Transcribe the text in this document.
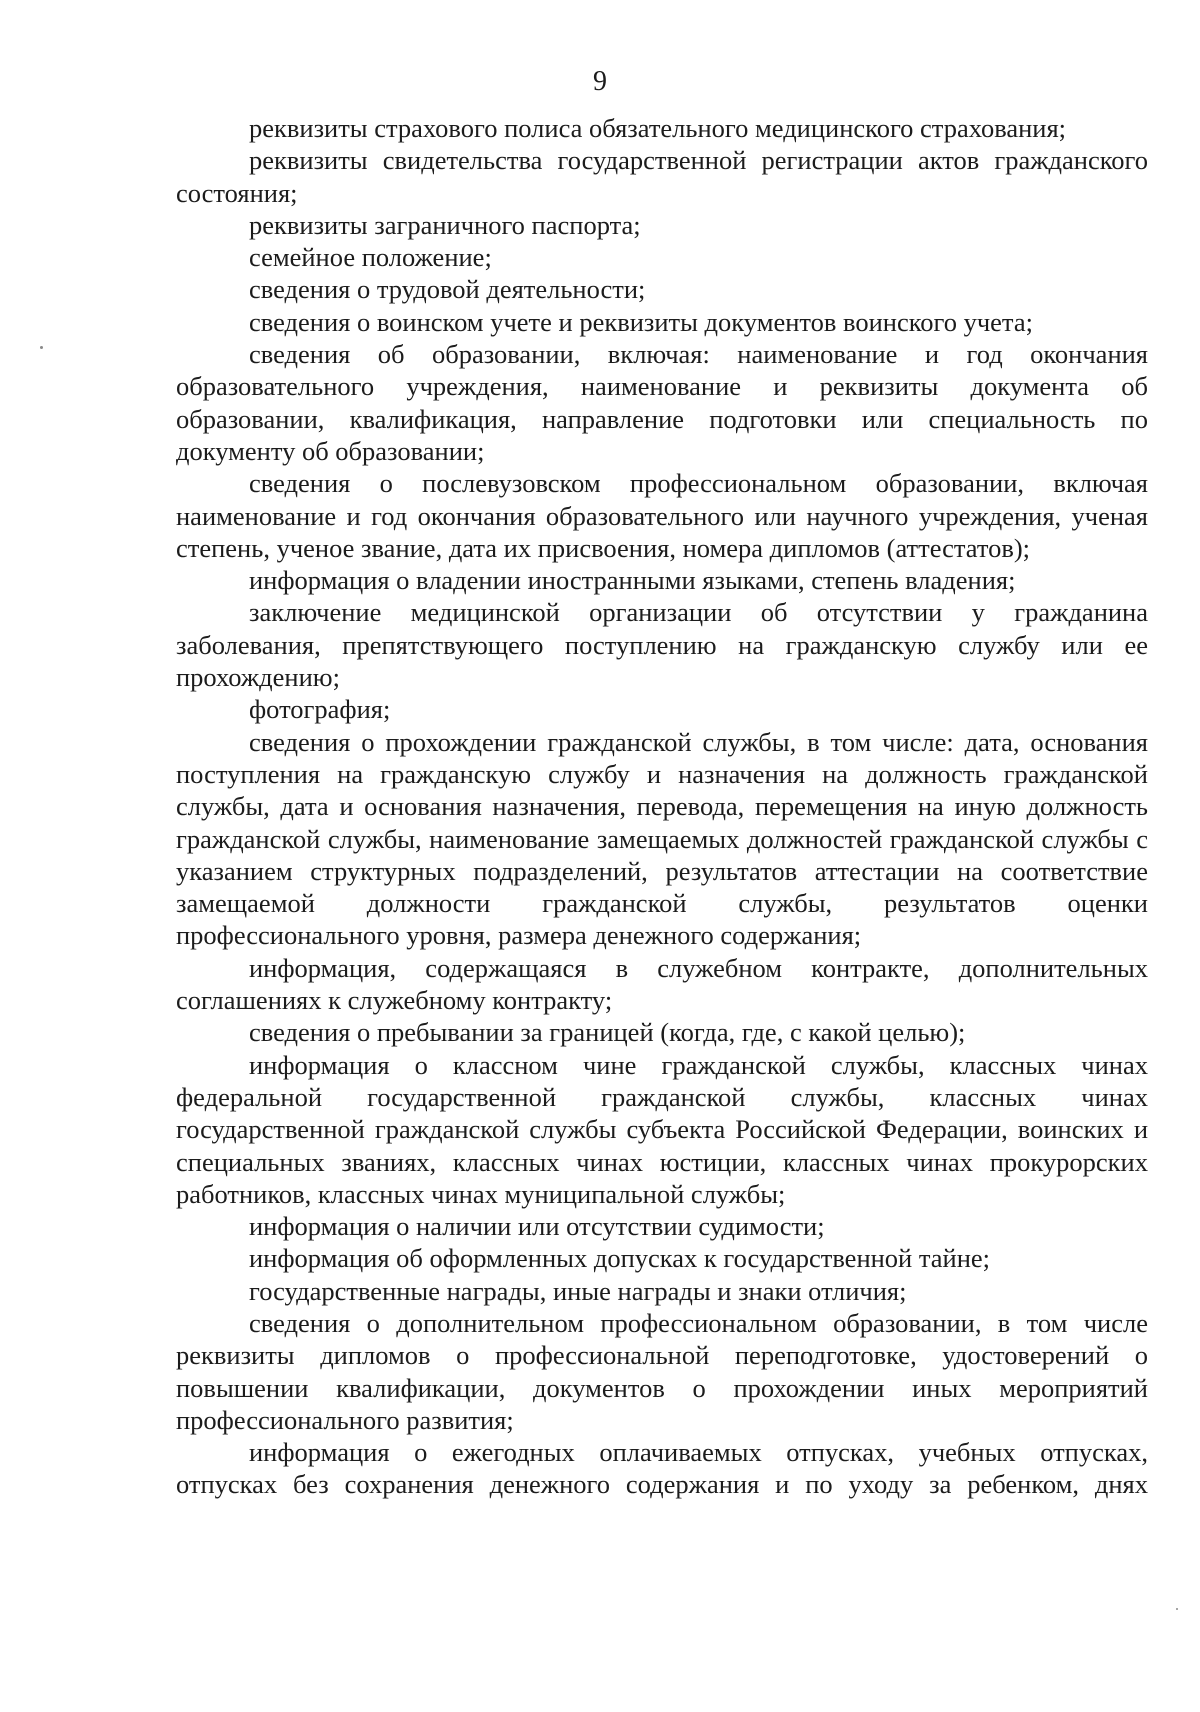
9

реквизиты страхового полиса обязательного медицинского страхования;

реквизиты свидетельства государственной регистрации актов гражданского состояния;

реквизиты заграничного паспорта;

семейное положение;

сведения о трудовой деятельности;

сведения о воинском учете и реквизиты документов воинского учета;

сведения об образовании, включая: наименование и год окончания образовательного учреждения, наименование и реквизиты документа об образовании, квалификация, направление подготовки или специальность по документу об образовании;

сведения о послевузовском профессиональном образовании, включая наименование и год окончания образовательного или научного учреждения, ученая степень, ученое звание, дата их присвоения, номера дипломов (аттестатов);

информация о владении иностранными языками, степень владения;

заключение медицинской организации об отсутствии у гражданина заболевания, препятствующего поступлению на гражданскую службу или ее прохождению;

фотография;

сведения о прохождении гражданской службы, в том числе: дата, основания поступления на гражданскую службу и назначения на должность гражданской службы, дата и основания назначения, перевода, перемещения на иную должность гражданской службы, наименование замещаемых должностей гражданской службы с указанием структурных подразделений, результатов аттестации на соответствие замещаемой должности гражданской службы, результатов оценки профессионального уровня, размера денежного содержания;

информация, содержащаяся в служебном контракте, дополнительных соглашениях к служебному контракту;

сведения о пребывании за границей (когда, где, с какой целью);

информация о классном чине гражданской службы, классных чинах федеральной государственной гражданской службы, классных чинах государственной гражданской службы субъекта Российской Федерации, воинских и специальных званиях, классных чинах юстиции, классных чинах прокурорских работников, классных чинах муниципальной службы;

информация о наличии или отсутствии судимости;

информация об оформленных допусках к государственной тайне;

государственные награды, иные награды и знаки отличия;

сведения о дополнительном профессиональном образовании, в том числе реквизиты дипломов о профессиональной переподготовке, удостоверений о повышении квалификации, документов о прохождении иных мероприятий профессионального развития;

информация о ежегодных оплачиваемых отпусках, учебных отпусках, отпусках без сохранения денежного содержания и по уходу за ребенком, днях
